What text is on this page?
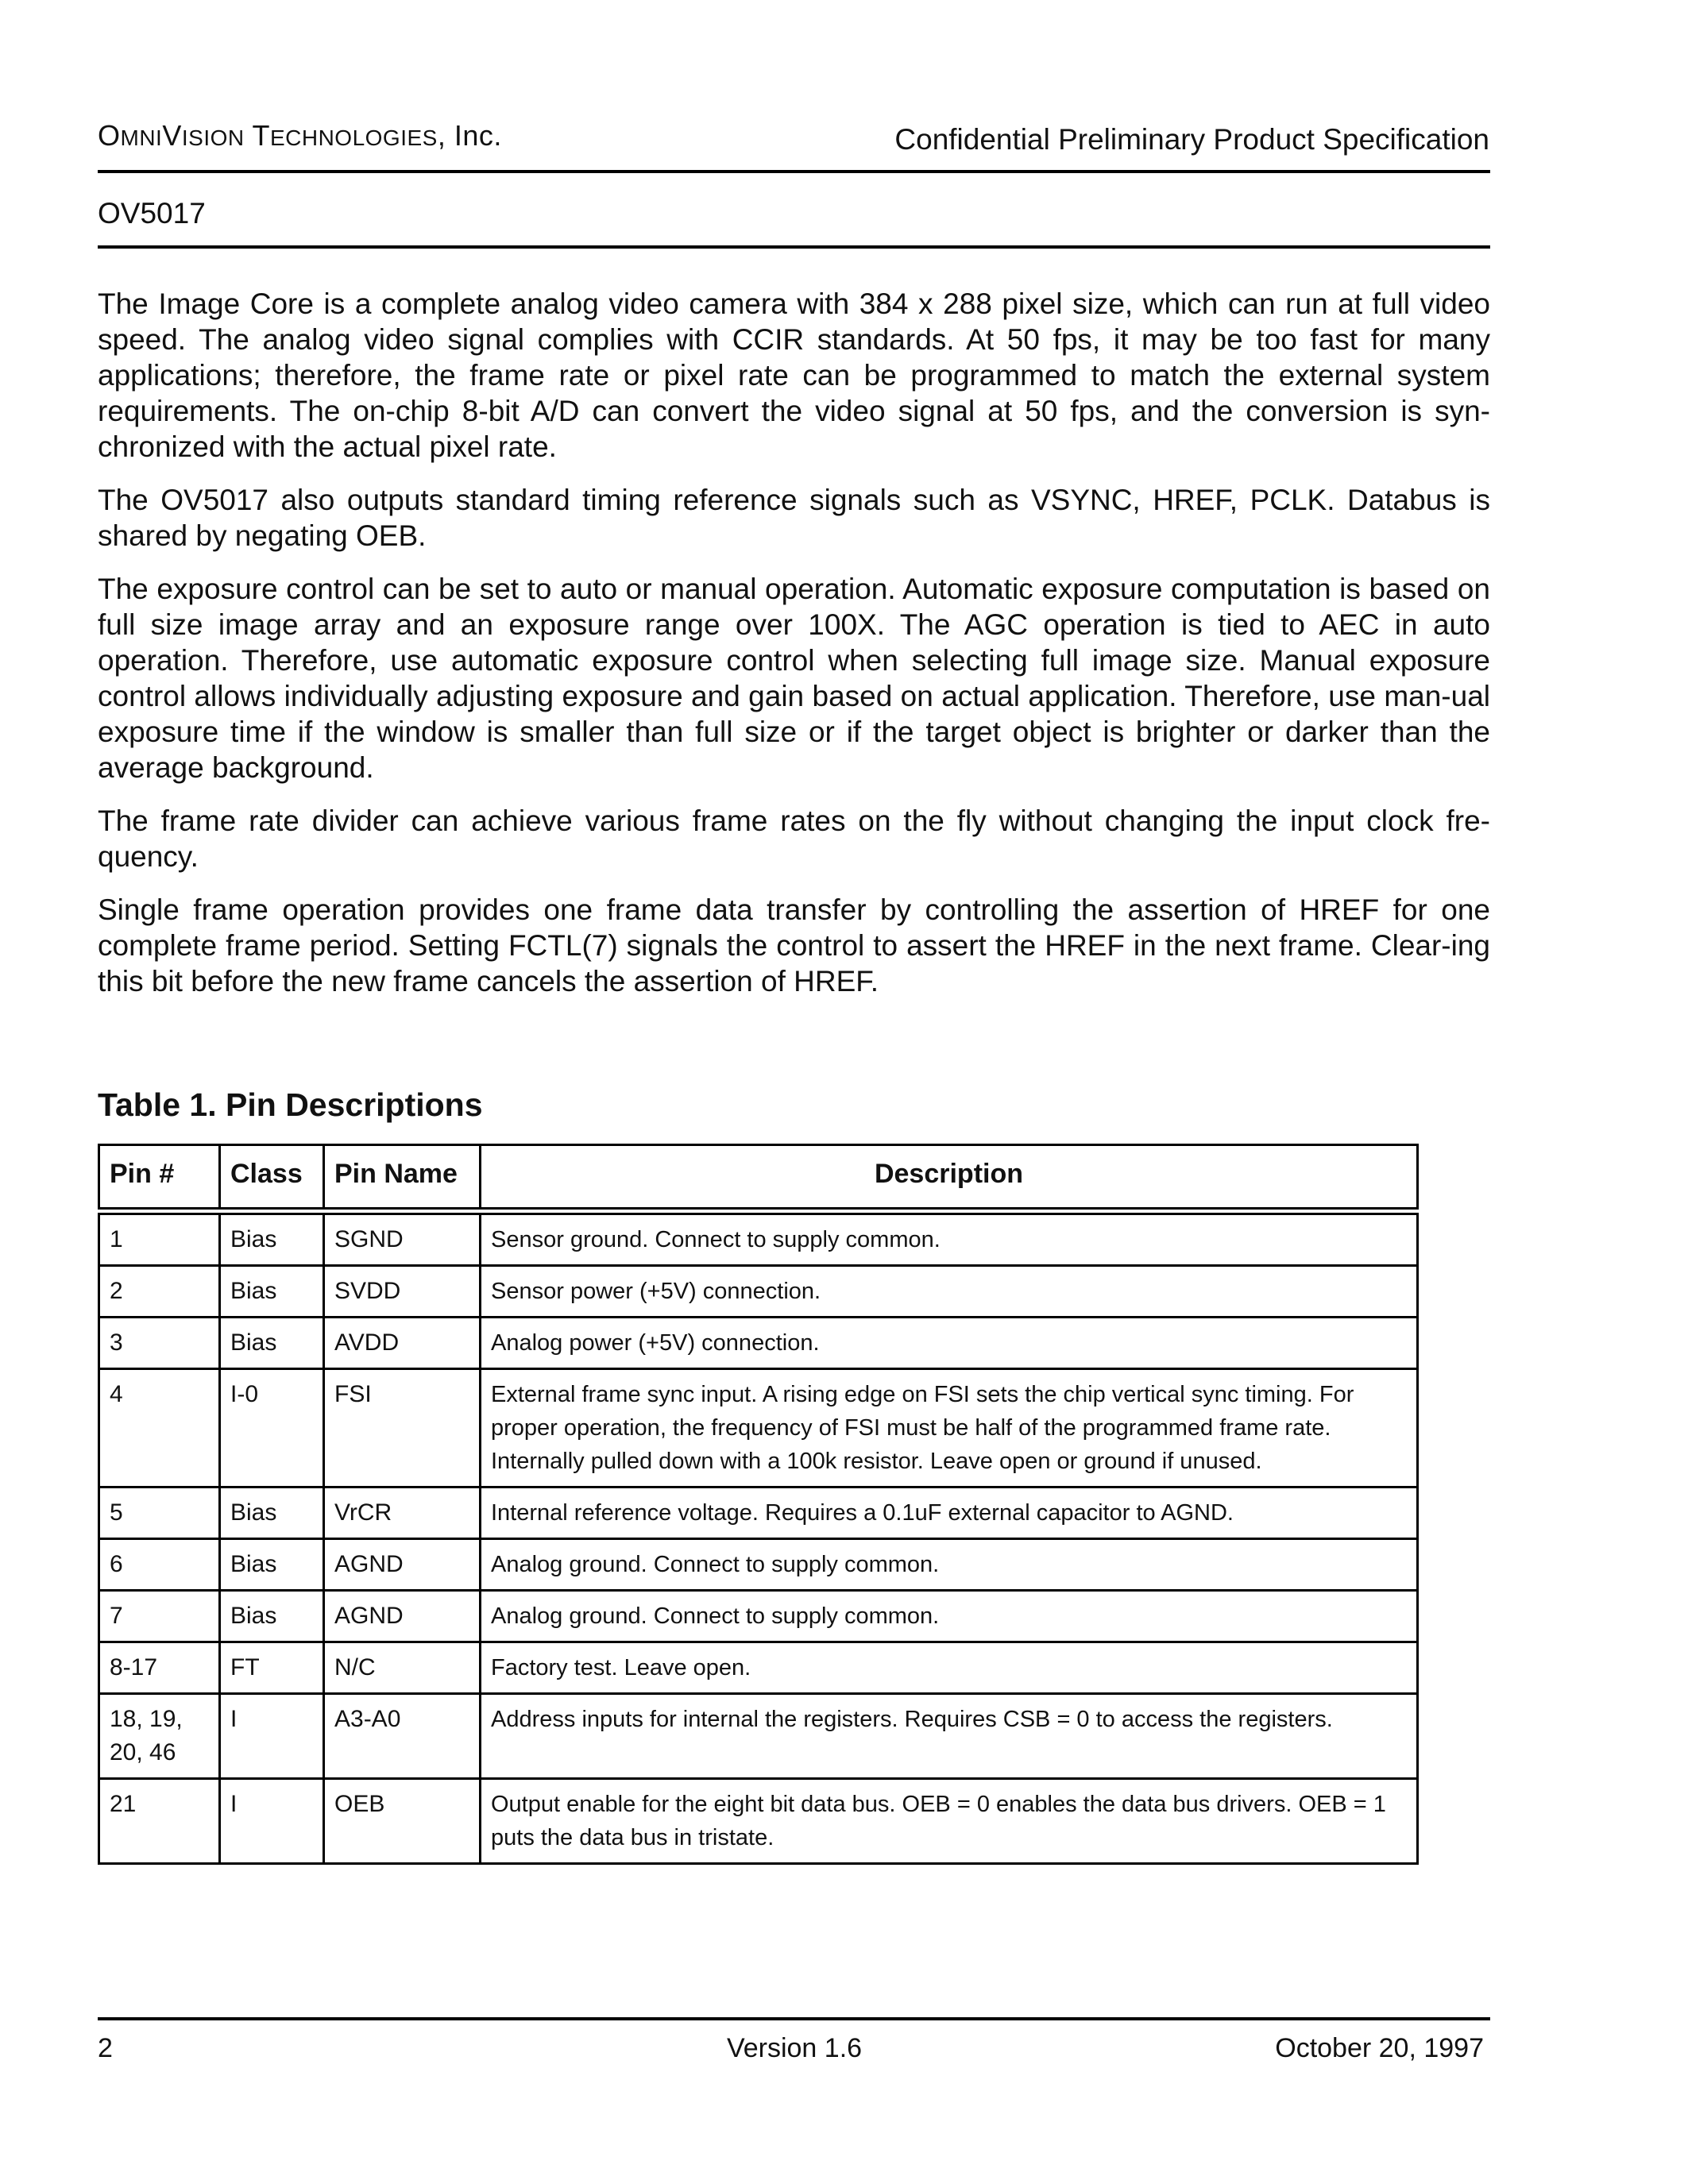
OMNIVISION TECHNOLOGIES, Inc.	Confidential Preliminary Product Specification
OV5017

The Image Core is a complete analog video camera with 384 x 288 pixel size, which can run at full video speed. The analog video signal complies with CCIR standards. At 50 fps, it may be too fast for many applications; therefore, the frame rate or pixel rate can be programmed to match the external system requirements. The on-chip 8-bit A/D can convert the video signal at 50 fps, and the conversion is syn-chronized with the actual pixel rate.

The OV5017 also outputs standard timing reference signals such as VSYNC, HREF, PCLK. Databus is shared by negating OEB.

The exposure control can be set to auto or manual operation. Automatic exposure computation is based on full size image array and an exposure range over 100X. The AGC operation is tied to AEC in auto operation. Therefore, use automatic exposure control when selecting full image size. Manual exposure control allows individually adjusting exposure and gain based on actual application. Therefore, use man-ual exposure time if the window is smaller than full size or if the target object is brighter or darker than the average background.

The frame rate divider can achieve various frame rates on the fly without changing the input clock fre-quency.

Single frame operation provides one frame data transfer by controlling the assertion of HREF for one complete frame period. Setting FCTL(7) signals the control to assert the HREF in the next frame. Clear-ing this bit before the new frame cancels the assertion of HREF.

Table 1. Pin Descriptions
Pin #	Class	Pin Name	Description
1	Bias	SGND	Sensor ground. Connect to supply common.
2	Bias	SVDD	Sensor power (+5V) connection.
3	Bias	AVDD	Analog power (+5V) connection.
4	I-0	FSI	External frame sync input. A rising edge on FSI sets the chip vertical sync timing. For proper operation, the frequency of FSI must be half of the programmed frame rate. Internally pulled down with a 100k resistor. Leave open or ground if unused.
5	Bias	VrCR	Internal reference voltage. Requires a 0.1uF external capacitor to AGND.
6	Bias	AGND	Analog ground. Connect to supply common.
7	Bias	AGND	Analog ground. Connect to supply common.
8-17	FT	N/C	Factory test. Leave open.
18, 19, 20, 46	I	A3-A0	Address inputs for internal the registers. Requires CSB = 0 to access the registers.
21	I	OEB	Output enable for the eight bit data bus. OEB = 0 enables the data bus drivers. OEB = 1 puts the data bus in tristate.
2	Version 1.6	October 20, 1997
